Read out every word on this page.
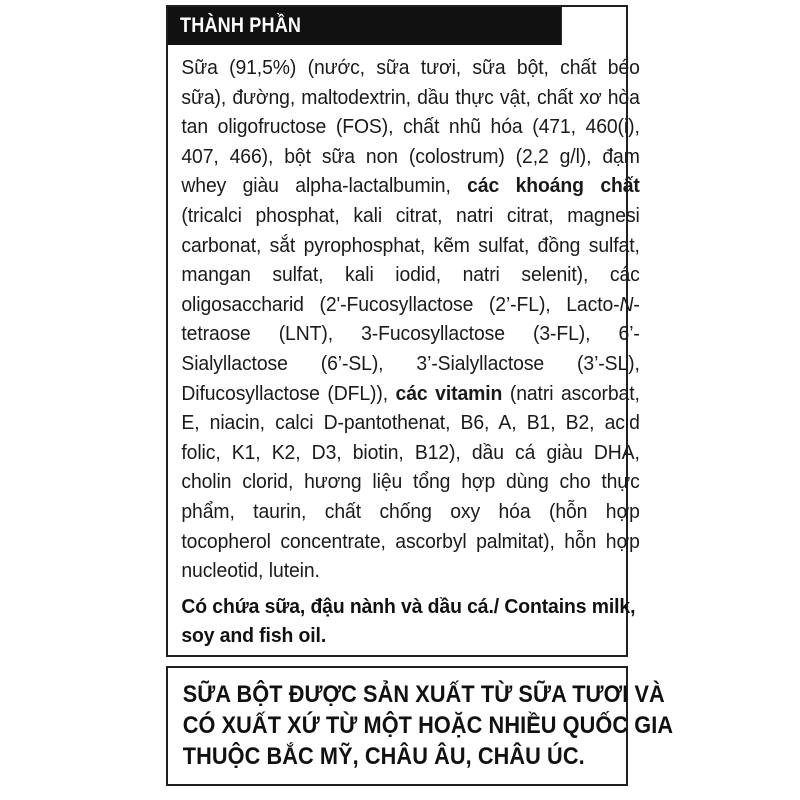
THÀNH PHẦN
Sữa (91,5%) (nước, sữa tươi, sữa bột, chất béo sữa), đường, maltodextrin, dầu thực vật, chất xơ hòa tan oligofructose (FOS), chất nhũ hóa (471, 460(i), 407, 466), bột sữa non (colostrum) (2,2 g/l), đạm whey giàu alpha-lactalbumin, các khoáng chất (tricalci phosphat, kali citrat, natri citrat, magnesi carbonat, sắt pyrophosphat, kẽm sulfat, đồng sulfat, mangan sulfat, kali iodid, natri selenit), các oligosaccharid (2'-Fucosyllactose (2’-FL), Lacto-N-tetraose (LNT), 3-Fucosyllactose (3-FL), 6’-Sialyllactose (6’-SL), 3’-Sialyllactose (3’-SL), Difucosyllactose (DFL)), các vitamin (natri ascorbat, E, niacin, calci D-pantothenat, B6, A, B1, B2, acid folic, K1, K2, D3, biotin, B12), dầu cá giàu DHA, cholin clorid, hương liệu tổng hợp dùng cho thực phẩm, taurin, chất chống oxy hóa (hỗn hợp tocopherol concentrate, ascorbyl palmitat), hỗn hợp nucleotid, lutein.
Có chứa sữa, đậu nành và dầu cá./ Contains milk, soy and fish oil.
SỮA BỘT ĐƯỢC SẢN XUẤT TỪ SỮA TƯƠI VÀ
CÓ XUẤT XỨ TỪ MỘT HOẶC NHIỀU QUỐC GIA
THUỘC BẮC MỸ, CHÂU ÂU, CHÂU ÚC.
